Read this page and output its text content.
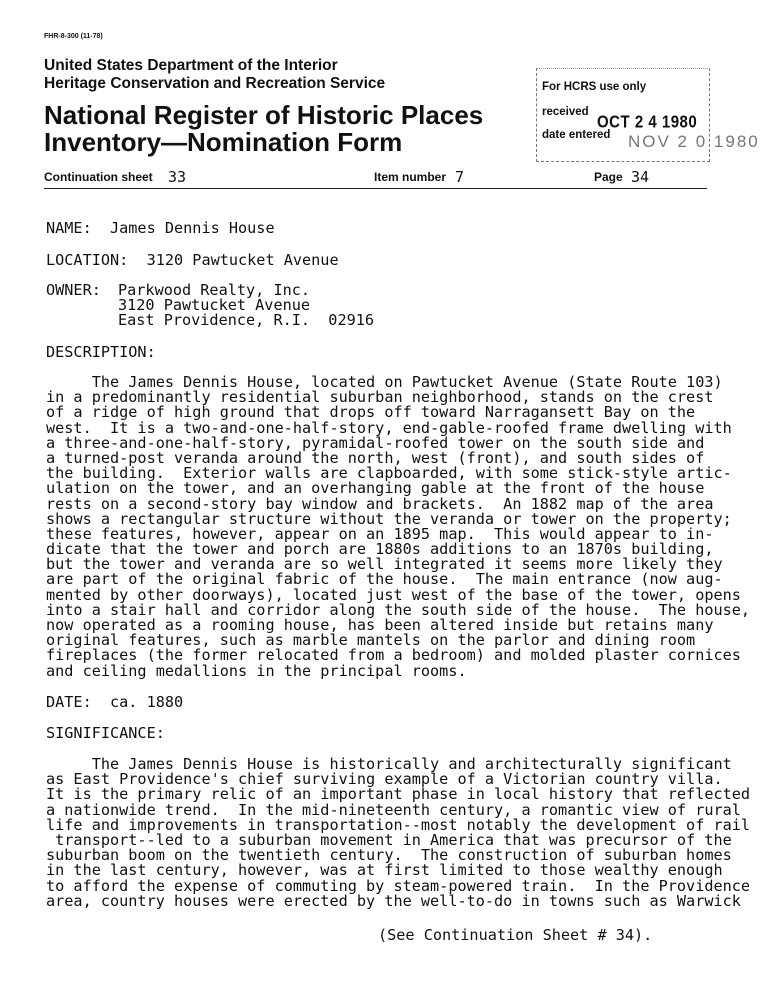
FHR-8-300 (11-78)
United States Department of the Interior
Heritage Conservation and Recreation Service
National Register of Historic Places
Inventory—Nomination Form
For HCRS use only
received
OCT 2 4 1980
date entered NOV 2 0 1980
Continuation sheet 33	Item number 7	Page 34
NAME:  James Dennis House
LOCATION:  3120 Pawtucket Avenue
OWNER: Parkwood Realty, Inc.
3120 Pawtucket Avenue
East Providence, R.I.  02916
DESCRIPTION:
The James Dennis House, located on Pawtucket Avenue (State Route 103)
in a predominantly residential suburban neighborhood, stands on the crest
of a ridge of high ground that drops off toward Narragansett Bay on the
west.  It is a two-and-one-half-story, end-gable-roofed frame dwelling with
a three-and-one-half-story, pyramidal-roofed tower on the south side and
a turned-post veranda around the north, west (front), and south sides of
the building.  Exterior walls are clapboarded, with some stick-style artic-
ulation on the tower, and an overhanging gable at the front of the house
rests on a second-story bay window and brackets.  An 1882 map of the area
shows a rectangular structure without the veranda or tower on the property;
these features, however, appear on an 1895 map.  This would appear to in-
dicate that the tower and porch are 1880s additions to an 1870s building,
but the tower and veranda are so well integrated it seems more likely they
are part of the original fabric of the house.  The main entrance (now aug-
mented by other doorways), located just west of the base of the tower, opens
into a stair hall and corridor along the south side of the house.  The house,
now operated as a rooming house, has been altered inside but retains many
original features, such as marble mantels on the parlor and dining room
fireplaces (the former relocated from a bedroom) and molded plaster cornices
and ceiling medallions in the principal rooms.
DATE:  ca. 1880
SIGNIFICANCE:
The James Dennis House is historically and architecturally significant
as East Providence's chief surviving example of a Victorian country villa.
It is the primary relic of an important phase in local history that reflected
a nationwide trend.  In the mid-nineteenth century, a romantic view of rural
life and improvements in transportation--most notably the development of rail
transport--led to a suburban movement in America that was precursor of the
suburban boom on the twentieth century.  The construction of suburban homes
in the last century, however, was at first limited to those wealthy enough
to afford the expense of commuting by steam-powered train.  In the Providence
area, country houses were erected by the well-to-do in towns such as Warwick
(See Continuation Sheet # 34).
